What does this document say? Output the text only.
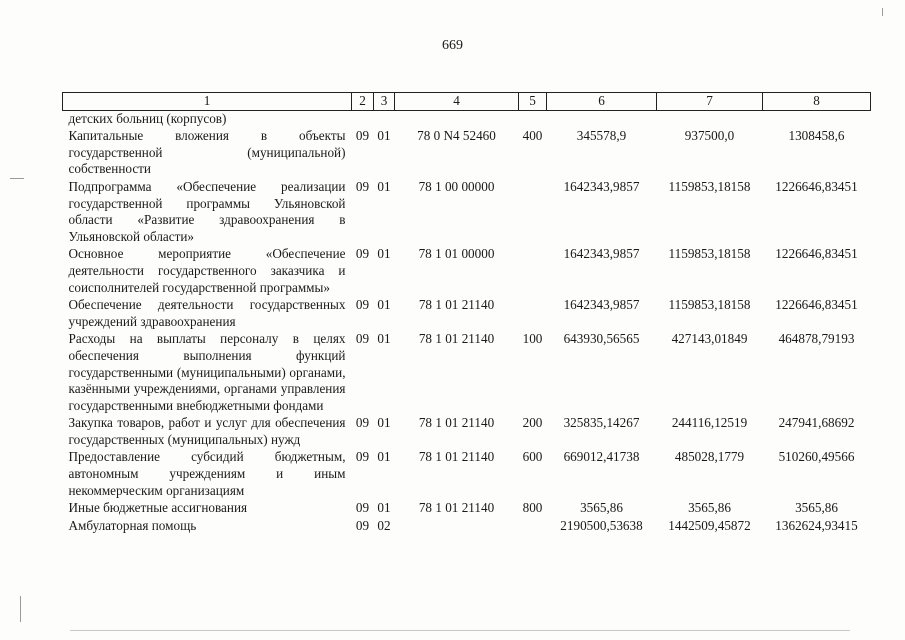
669
1	2	3	4	5	6	7	8
детских больниц (корпусов)							
Капитальные вложения в объекты государственной (муниципальной) собственности	09	01	78 0 N4 52460	400	345578,9	937500,0	1308458,6
Подпрограмма «Обеспечение реализации государственной программы Ульяновской области «Развитие здравоохранения в Ульяновской области»	09	01	78 1 00 00000		1642343,9857	1159853,18158	1226646,83451
Основное мероприятие «Обеспечение деятельности государственного заказчика и соисполнителей государственной программы»	09	01	78 1 01 00000		1642343,9857	1159853,18158	1226646,83451
Обеспечение деятельности государственных учреждений здравоохранения	09	01	78 1 01 21140		1642343,9857	1159853,18158	1226646,83451
Расходы на выплаты персоналу в целях обеспечения выполнения функций государственными (муниципальными) органами, казёнными учреждениями, органами управления государственными внебюджетными фондами	09	01	78 1 01 21140	100	643930,56565	427143,01849	464878,79193
Закупка товаров, работ и услуг для обеспечения государственных (муниципальных) нужд	09	01	78 1 01 21140	200	325835,14267	244116,12519	247941,68692
Предоставление субсидий бюджетным, автономным учреждениям и иным некоммерческим организациям	09	01	78 1 01 21140	600	669012,41738	485028,1779	510260,49566
Иные бюджетные ассигнования	09	01	78 1 01 21140	800	3565,86	3565,86	3565,86
Амбулаторная помощь	09	02			2190500,53638	1442509,45872	1362624,93415
